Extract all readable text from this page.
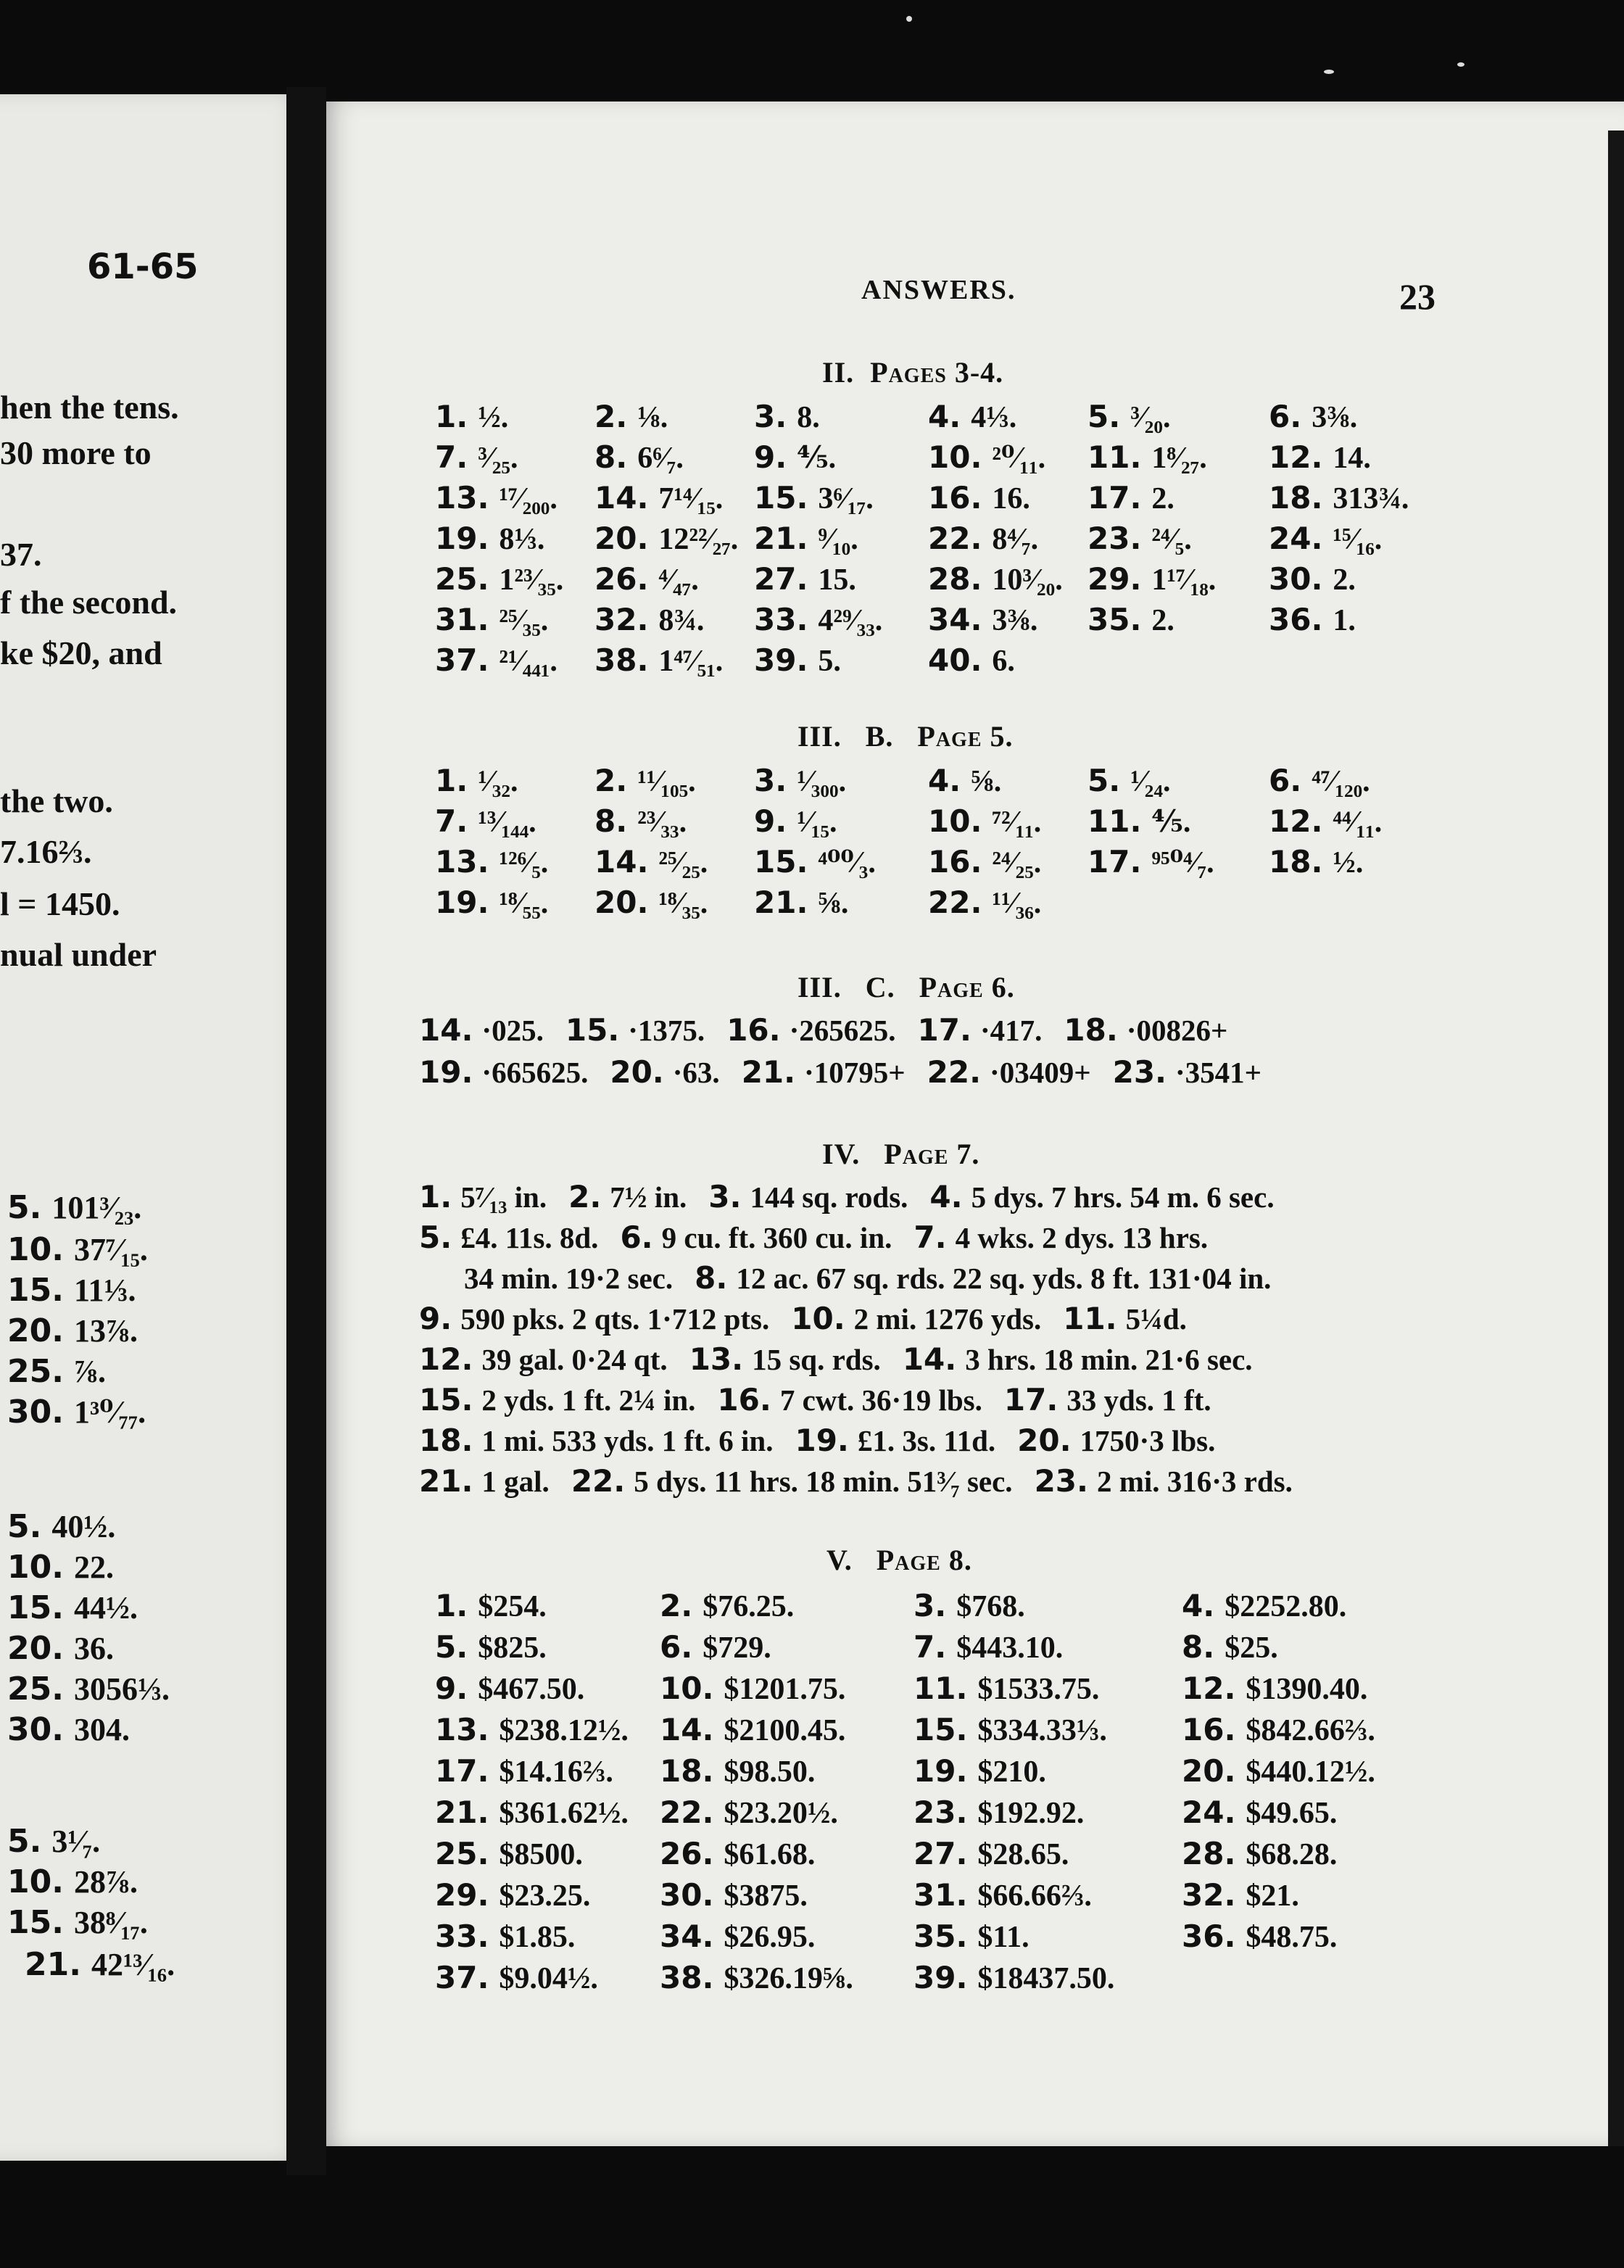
61-65
hen the tens.
30 more to
37.
f the second.
ke $20, and
the two.
7.16⅔.
l = 1450.
nual under
5. 101³⁄₂₃.
10. 37⁷⁄₁₅.
15. 11⅓.
20. 13⅞.
25. ⅞.
30. 1³⁰⁄₇₇.
5. 40½.
10. 22.
15. 44½.
20. 36.
25. 3056⅓.
30. 304.
5. 3¹⁄₇.
10. 28⅞.
15. 38⁸⁄₁₇.
21. 42¹³⁄₁₆.
ANSWERS.	23
II. Pages 3-4.
III. B. Page 5.
III. C. Page 6.
IV. Page 7.
V. Page 8.
1. ½.	2. ⅛.	3. 8.	4. 4⅓. 5. ³⁄₂₀.	6. 3⅜.
7. ³⁄₂₅.	8. 6⁶⁄₇. 9. ⅘.	10. ²⁰⁄₁₁. 11. 1⁸⁄₂₇. 12. 14.
13. ¹⁷⁄₂₀₀. 14. 7¹⁴⁄₁₅. 15. 3⁶⁄₁₇. 16. 16. 17. 2.	18. 313¾.
19. 8⅓. 20. 12²²⁄₂₇. 21. ⁹⁄₁₀. 22. 8⁴⁄₇. 23. ²⁴⁄₅.	24. ¹⁵⁄₁₆.
25. 1²³⁄₃₅. 26. ⁴⁄₄₇. 27. 15. 28. 10³⁄₂₀. 29. 1¹⁷⁄₁₈. 30. 2.
31. ²⁵⁄₃₅. 32. 8¾. 33. 4²⁹⁄₃₃. 34. 3⅜. 35. 2.	36. 1.
37. ²¹⁄₄₄₁. 38. 1⁴⁷⁄₅₁. 39. 5.	40. 6.
1. ¹⁄₃₂.	2. ¹¹⁄₁₀₅. 3. ¹⁄₃₀₀.	4. ⅝.	5. ¹⁄₂₄.	6. ⁴⁷⁄₁₂₀.
7. ¹³⁄₁₄₄. 8. ²³⁄₃₃. 9. ¹⁄₁₅.	10. ⁷²⁄₁₁. 11. ⅘.	12. ⁴⁴⁄₁₁.
13. ¹²⁶⁄₅. 14. ²⁵⁄₂₅. 15. ⁴⁰⁰⁄₃. 16. ²⁴⁄₂₅. 17. ⁹⁵⁰⁴⁄₇. 18. ½.
19. ¹⁸⁄₅₅. 20. ¹⁸⁄₃₅. 21. ⅝.	22. ¹¹⁄₃₆.
14. ·025. 15. ·1375. 16. ·265625. 17. ·417. 18. ·00826+
19. ·665625. 20. ·63. 21. ·10795+ 22. ·03409+ 23. ·3541+
1. 5⁷⁄₁₃ in. 2. 7½ in. 3. 144 sq. rods. 4. 5 dys. 7 hrs. 54 m. 6 sec.
5. £4. 11s. 8d. 6. 9 cu. ft. 360 cu. in. 7. 4 wks. 2 dys. 13 hrs.
34 min. 19·2 sec. 8. 12 ac. 67 sq. rds. 22 sq. yds. 8 ft. 131·04 in.
9. 590 pks. 2 qts. 1·712 pts. 10. 2 mi. 1276 yds. 11. 5¼d.
12. 39 gal. 0·24 qt. 13. 15 sq. rds. 14. 3 hrs. 18 min. 21·6 sec.
15. 2 yds. 1 ft. 2¼ in. 16. 7 cwt. 36·19 lbs. 17. 33 yds. 1 ft.
18. 1 mi. 533 yds. 1 ft. 6 in. 19. £1. 3s. 11d. 20. 1750·3 lbs.
21. 1 gal. 22. 5 dys. 11 hrs. 18 min. 51³⁄₇ sec. 23. 2 mi. 316·3 rds.
1. $254.	2. $76.25.	3. $768.	4. $2252.80.
5. $825.	6. $729.	7. $443.10.	8. $25.
9. $467.50. 10. $1201.75. 11. $1533.75.	12. $1390.40.
13. $238.12½. 14. $2100.45. 15. $334.33⅓. 16. $842.66⅔.
17. $14.16⅔. 18. $98.50.	19. $210.	20. $440.12½.
21. $361.62½. 22. $23.20½. 23. $192.92.	24. $49.65.
25. $8500.	26. $61.68.	27. $28.65.	28. $68.28.
29. $23.25. 30. $3875.	31. $66.66⅔.	32. $21.
33. $1.85.	34. $26.95.	35. $11.	36. $48.75.
37. $9.04½. 38. $326.19⅝. 39. $18437.50.
